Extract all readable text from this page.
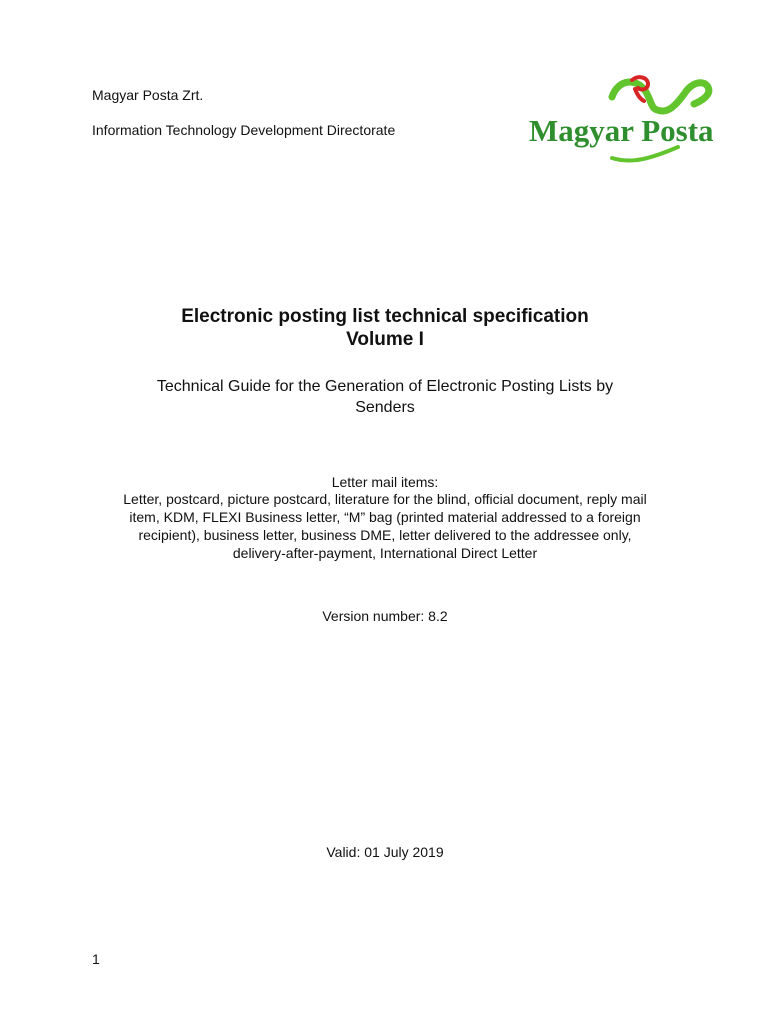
Magyar Posta Zrt.
Information Technology Development Directorate	Magyar Posta
Electronic posting list technical specification
Volume I
Technical Guide for the Generation of Electronic Posting Lists by
Senders
Letter mail items:
Letter, postcard, picture postcard, literature for the blind, official document, reply mail
item, KDM, FLEXI Business letter, “M” bag (printed material addressed to a foreign
recipient), business letter, business DME, letter delivered to the addressee only,
delivery-after-payment, International Direct Letter
Version number: 8.2
Valid: 01 July 2019
1
